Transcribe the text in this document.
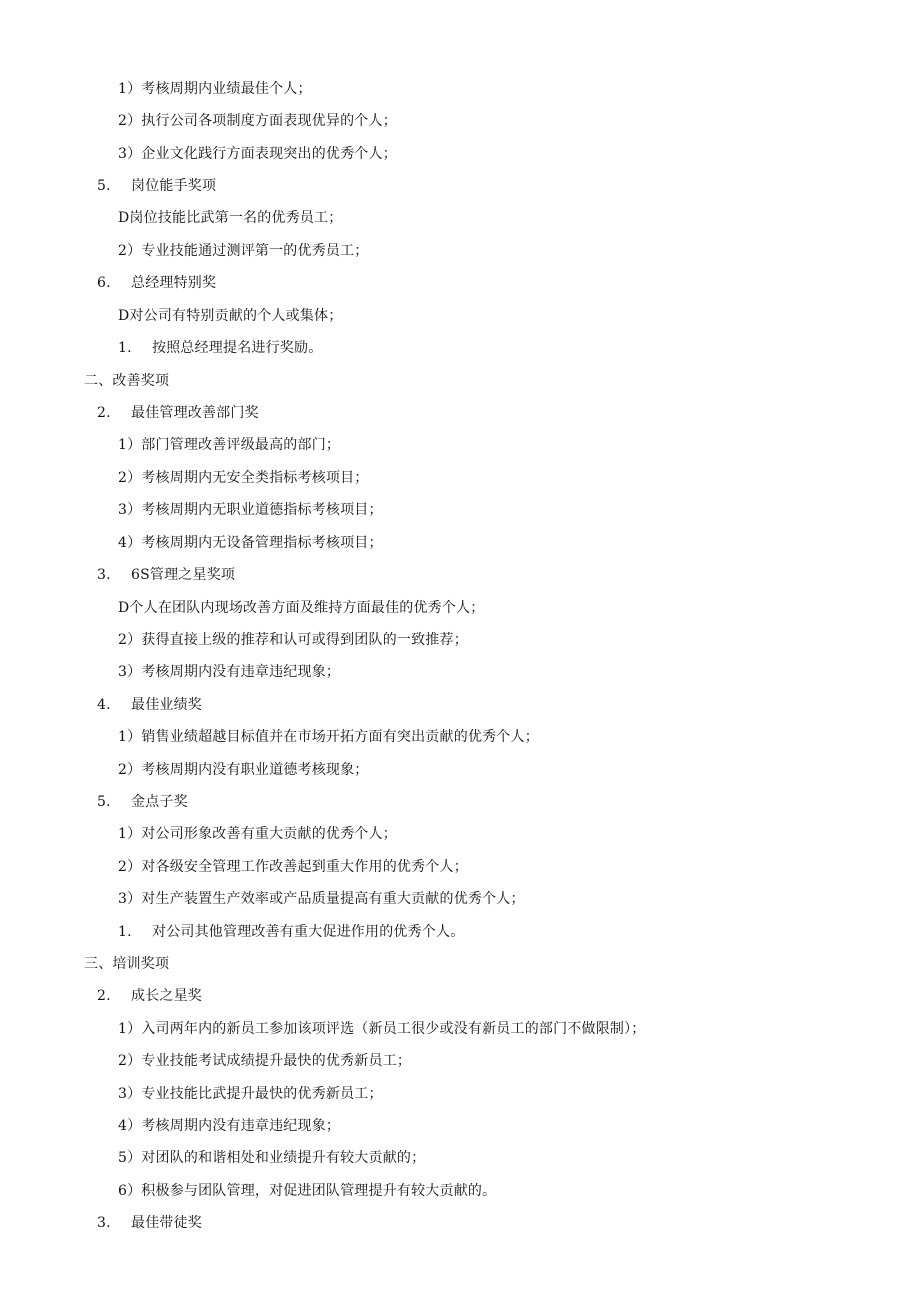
1）考核周期内业绩最佳个人；
2）执行公司各项制度方面表现优异的个人；
3）企业文化践行方面表现突出的优秀个人；
5. 岗位能手奖项
D岗位技能比武第一名的优秀员工；
2）专业技能通过测评第一的优秀员工；
6. 总经理特别奖
D对公司有特别贡献的个人或集体；
1. 按照总经理提名进行奖励。
二、改善奖项
2. 最佳管理改善部门奖
1）部门管理改善评级最高的部门；
2）考核周期内无安全类指标考核项目；
3）考核周期内无职业道德指标考核项目；
4）考核周期内无设备管理指标考核项目；
3. 6S管理之星奖项
D个人在团队内现场改善方面及维持方面最佳的优秀个人；
2）获得直接上级的推荐和认可或得到团队的一致推荐；
3）考核周期内没有违章违纪现象；
4. 最佳业绩奖
1）销售业绩超越目标值并在市场开拓方面有突出贡献的优秀个人；
2）考核周期内没有职业道德考核现象；
5. 金点子奖
1）对公司形象改善有重大贡献的优秀个人；
2）对各级安全管理工作改善起到重大作用的优秀个人；
3）对生产装置生产效率或产品质量提高有重大贡献的优秀个人；
1. 对公司其他管理改善有重大促进作用的优秀个人。
三、培训奖项
2. 成长之星奖
1）入司两年内的新员工参加该项评选（新员工很少或没有新员工的部门不做限制）；
2）专业技能考试成绩提升最快的优秀新员工；
3）专业技能比武提升最快的优秀新员工；
4）考核周期内没有违章违纪现象；
5）对团队的和谐相处和业绩提升有较大贡献的；
6）积极参与团队管理，对促进团队管理提升有较大贡献的。
3. 最佳带徒奖
